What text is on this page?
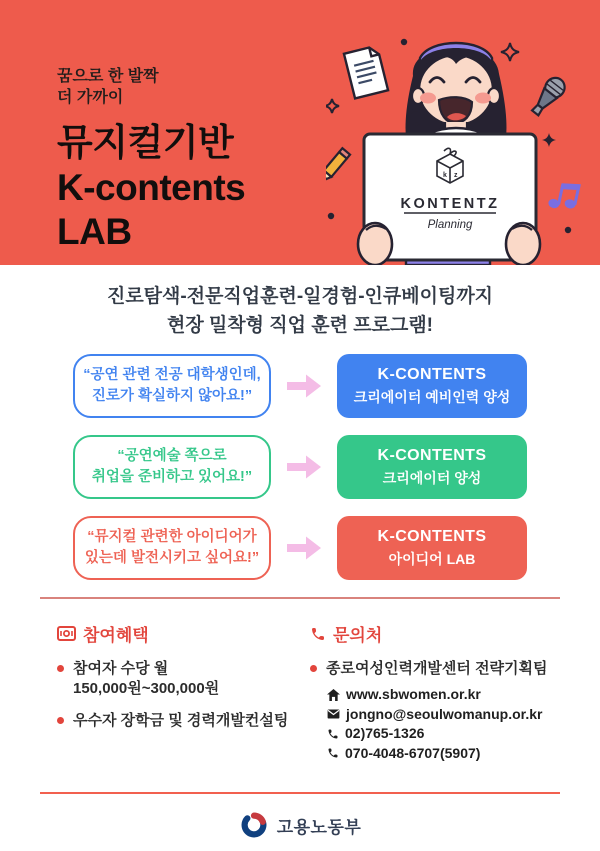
꿈으로 한 발짝
더 가까이
뮤지컬기반
K-contents
LAB
k z
KONTENTZ
Planning
진로탐색-전문직업훈련-일경험-인큐베이팅까지
현장 밀착형 직업 훈련 프로그램!
“공연 관련 전공 대학생인데,
진로가 확실하지 않아요!”
K-CONTENTS
크리에이터 예비인력 양성
“공연예술 쪽으로
취업을 준비하고 있어요!”
K-CONTENTS
크리에이터 양성
“뮤지컬 관련한 아이디어가
있는데 발전시키고 싶어요!”
K-CONTENTS
아이디어 LAB
참여혜택
참여자 수당 월
150,000원~300,000원
우수자 장학금 및 경력개발컨설팅
문의처
종로여성인력개발센터 전략기획팀
www.sbwomen.or.kr
jongno@seoulwomanup.or.kr
02)765-1326
070-4048-6707(5907)
고용노동부
